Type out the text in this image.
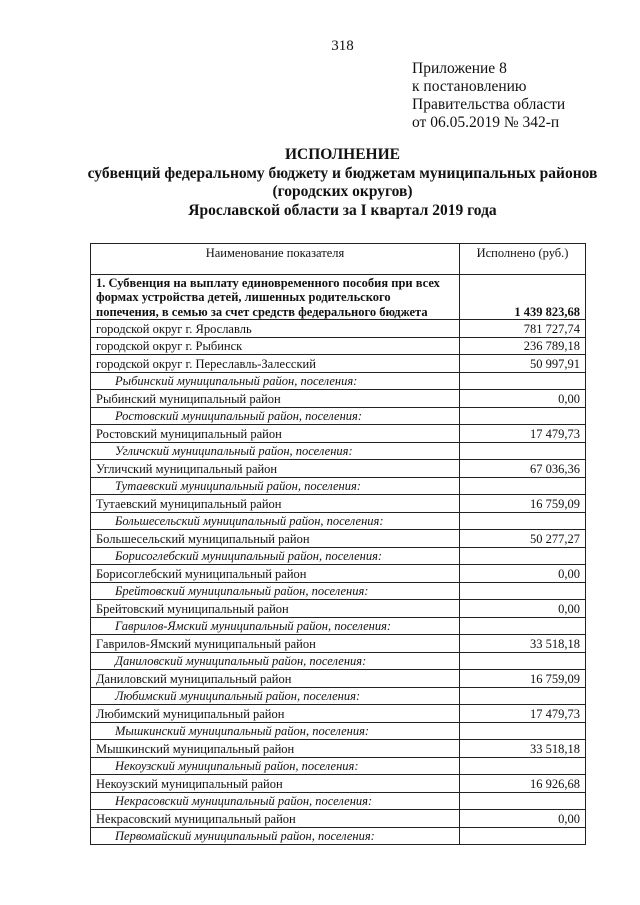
318
Приложение 8
к постановлению
Правительства области
от 06.05.2019 № 342-п
ИСПОЛНЕНИЕ
субвенций федеральному бюджету и бюджетам муниципальных районов
(городских округов)
Ярославской области за I квартал 2019 года
Наименование показателя	Исполнено (руб.)
1. Субвенция на выплату единовременного пособия при всех формах устройства детей, лишенных родительского попечения, в семью за счет средств федерального бюджета	1 439 823,68
городской округ г. Ярославль	781 727,74
городской округ г. Рыбинск	236 789,18
городской округ г. Переславль-Залесский	50 997,91
Рыбинский муниципальный район, поселения:	
Рыбинский муниципальный район	0,00
Ростовский муниципальный район, поселения:	
Ростовский муниципальный район	17 479,73
Угличский муниципальный район, поселения:	
Угличский муниципальный район	67 036,36
Тутаевский муниципальный район, поселения:	
Тутаевский муниципальный район	16 759,09
Большесельский муниципальный район, поселения:	
Большесельский муниципальный район	50 277,27
Борисоглебский муниципальный район, поселения:	
Борисоглебский муниципальный район	0,00
Брейтовский муниципальный район, поселения:	
Брейтовский муниципальный район	0,00
Гаврилов-Ямский муниципальный район, поселения:	
Гаврилов-Ямский муниципальный район	33 518,18
Даниловский муниципальный район, поселения:	
Даниловский муниципальный район	16 759,09
Любимский муниципальный район, поселения:	
Любимский муниципальный район	17 479,73
Мышкинский муниципальный район, поселения:	
Мышкинский муниципальный район	33 518,18
Некоузский муниципальный район, поселения:	
Некоузский муниципальный район	16 926,68
Некрасовский муниципальный район, поселения:	
Некрасовский муниципальный район	0,00
Первомайский муниципальный район, поселения:	
